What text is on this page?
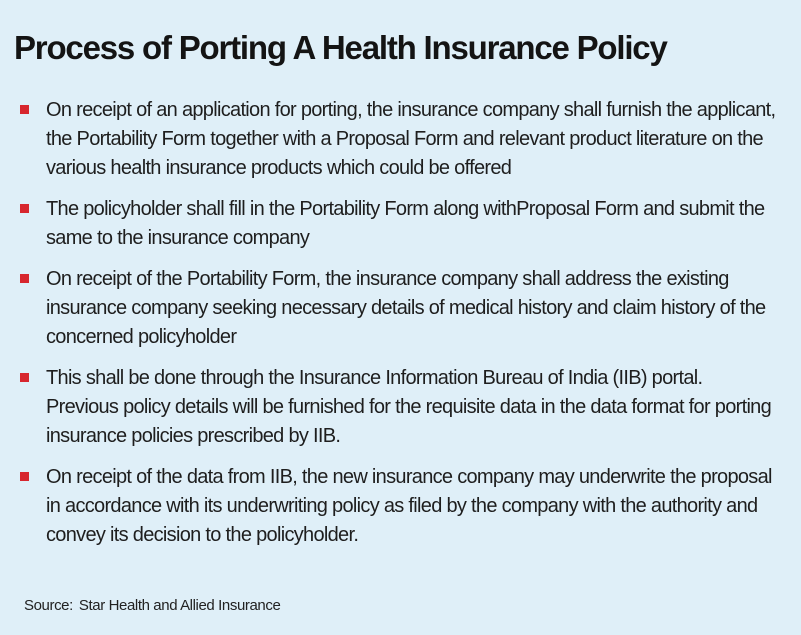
Process of Porting A Health Insurance Policy
On receipt of an application for porting, the insurance company shall furnish the applicant, the Portability Form together with a Proposal Form and relevant product literature on the various health insurance products which could be offered
The policyholder shall fill in the Portability Form along withProposal Form and submit the same to the insurance company
On receipt of the Portability Form, the insurance company shall address the existing insurance company seeking necessary details of medical history and claim history of the concerned policyholder
This shall be done through the Insurance Information Bureau of India (IIB) portal. Previous policy details will be furnished for the requisite data in the data format for porting insurance policies prescribed by IIB.
On receipt of the data from IIB, the new insurance company may underwrite the proposal in accordance with its underwriting policy as filed by the company with the authority and convey its decision to the policyholder.

Source: Star Health and Allied Insurance
